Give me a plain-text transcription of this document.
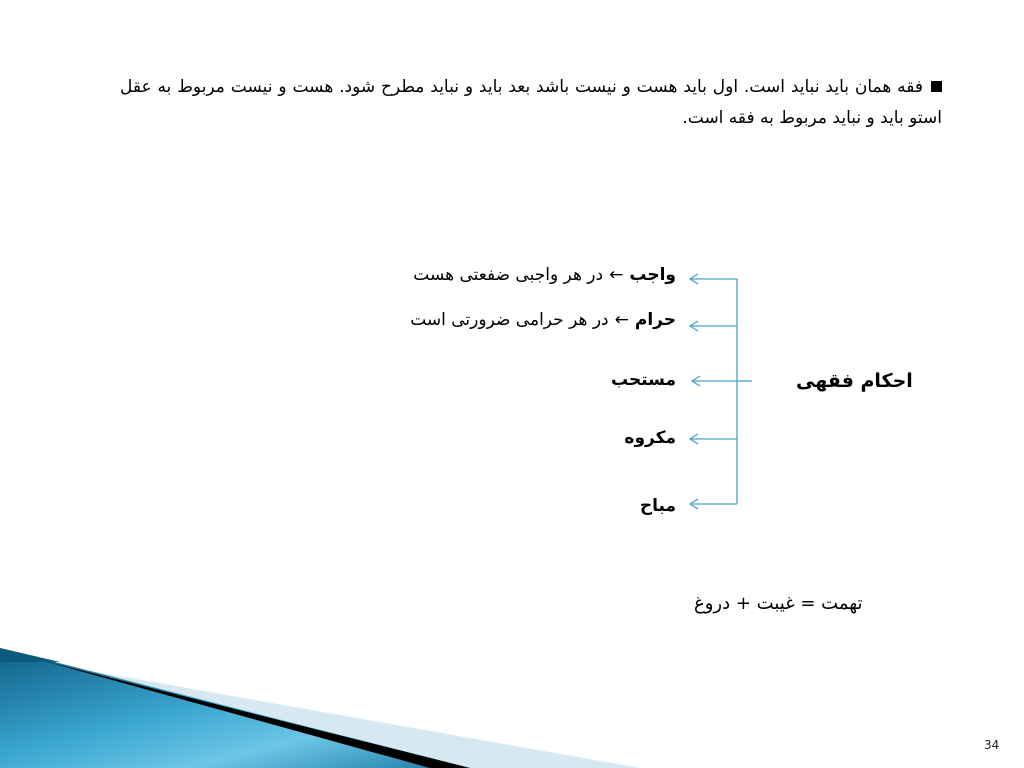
فقه همان باید نباید است. اول باید هست و نیست باشد بعد باید و نباید مطرح شود. هست و نیست مربوط به عقل استو باید و نباید مربوط به فقه است.
واجب←در هر واجبی ضفعتی هست
حرام←در هر حرامی ضرورتی است
مستحب
مکروه
مباح
احکام فقهی
تهمت = غیبت + دروغ
34
